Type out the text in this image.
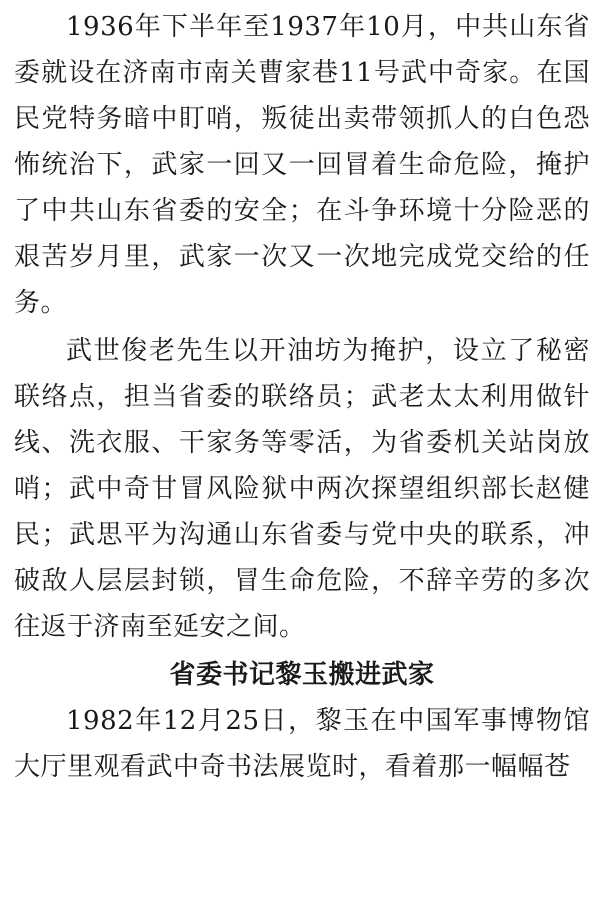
1936年下半年至1937年10月，中共山东省委就设在济南市南关曹家巷11号武中奇家。在国民党特务暗中盯哨，叛徒出卖带领抓人的白色恐怖统治下，武家一回又一回冒着生命危险，掩护了中共山东省委的安全；在斗争环境十分险恶的艰苦岁月里，武家一次又一次地完成党交给的任务。

武世俊老先生以开油坊为掩护，设立了秘密联络点，担当省委的联络员；武老太太利用做针线、洗衣服、干家务等零活，为省委机关站岗放哨；武中奇甘冒风险狱中两次探望组织部长赵健民；武思平为沟通山东省委与党中央的联系，冲破敌人层层封锁，冒生命危险，不辞辛劳的多次往返于济南至延安之间。

省委书记黎玉搬进武家

1982年12月25日，黎玉在中国军事博物馆大厅里观看武中奇书法展览时，看着那一幅幅苍
